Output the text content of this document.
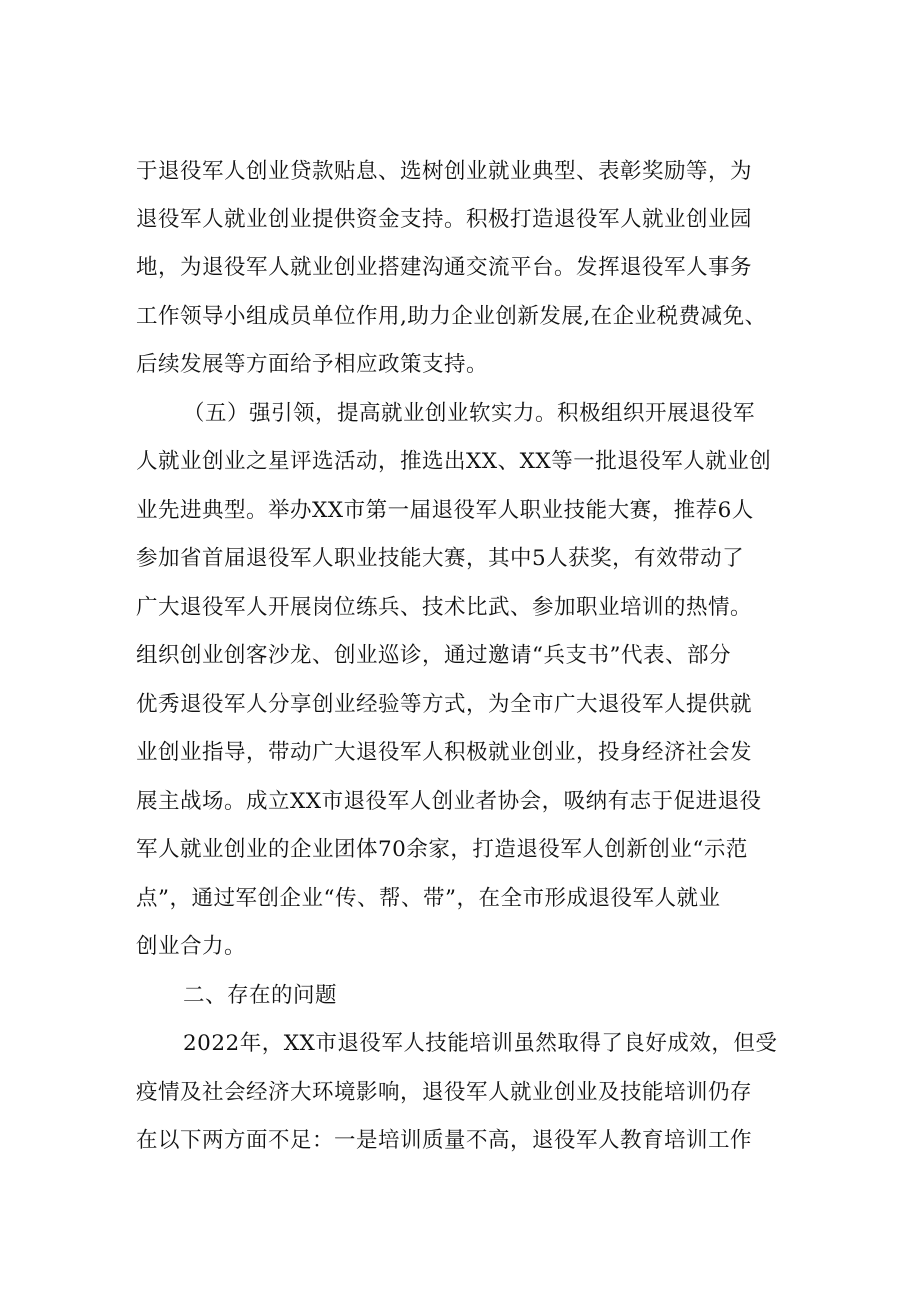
于退役军人创业贷款贴息、选树创业就业典型、表彰奖励等，为
退役军人就业创业提供资金支持。积极打造退役军人就业创业园
地，为退役军人就业创业搭建沟通交流平台。发挥退役军人事务
工作领导小组成员单位作用,助力企业创新发展,在企业税费减免、
后续发展等方面给予相应政策支持。
（五）强引领，提高就业创业软实力。积极组织开展退役军
人就业创业之星评选活动，推选出XX、XX等一批退役军人就业创
业先进典型。举办XX市第一届退役军人职业技能大赛，推荐6人
参加省首届退役军人职业技能大赛，其中5人获奖，有效带动了
广大退役军人开展岗位练兵、技术比武、参加职业培训的热情。
组织创业创客沙龙、创业巡诊，通过邀请“兵支书”代表、部分
优秀退役军人分享创业经验等方式，为全市广大退役军人提供就
业创业指导，带动广大退役军人积极就业创业，投身经济社会发
展主战场。成立XX市退役军人创业者协会，吸纳有志于促进退役
军人就业创业的企业团体70余家，打造退役军人创新创业“示范
点”，通过军创企业“传、帮、带”，在全市形成退役军人就业
创业合力。
二、存在的问题
2022年，XX市退役军人技能培训虽然取得了良好成效，但受
疫情及社会经济大环境影响，退役军人就业创业及技能培训仍存
在以下两方面不足：一是培训质量不高，退役军人教育培训工作
